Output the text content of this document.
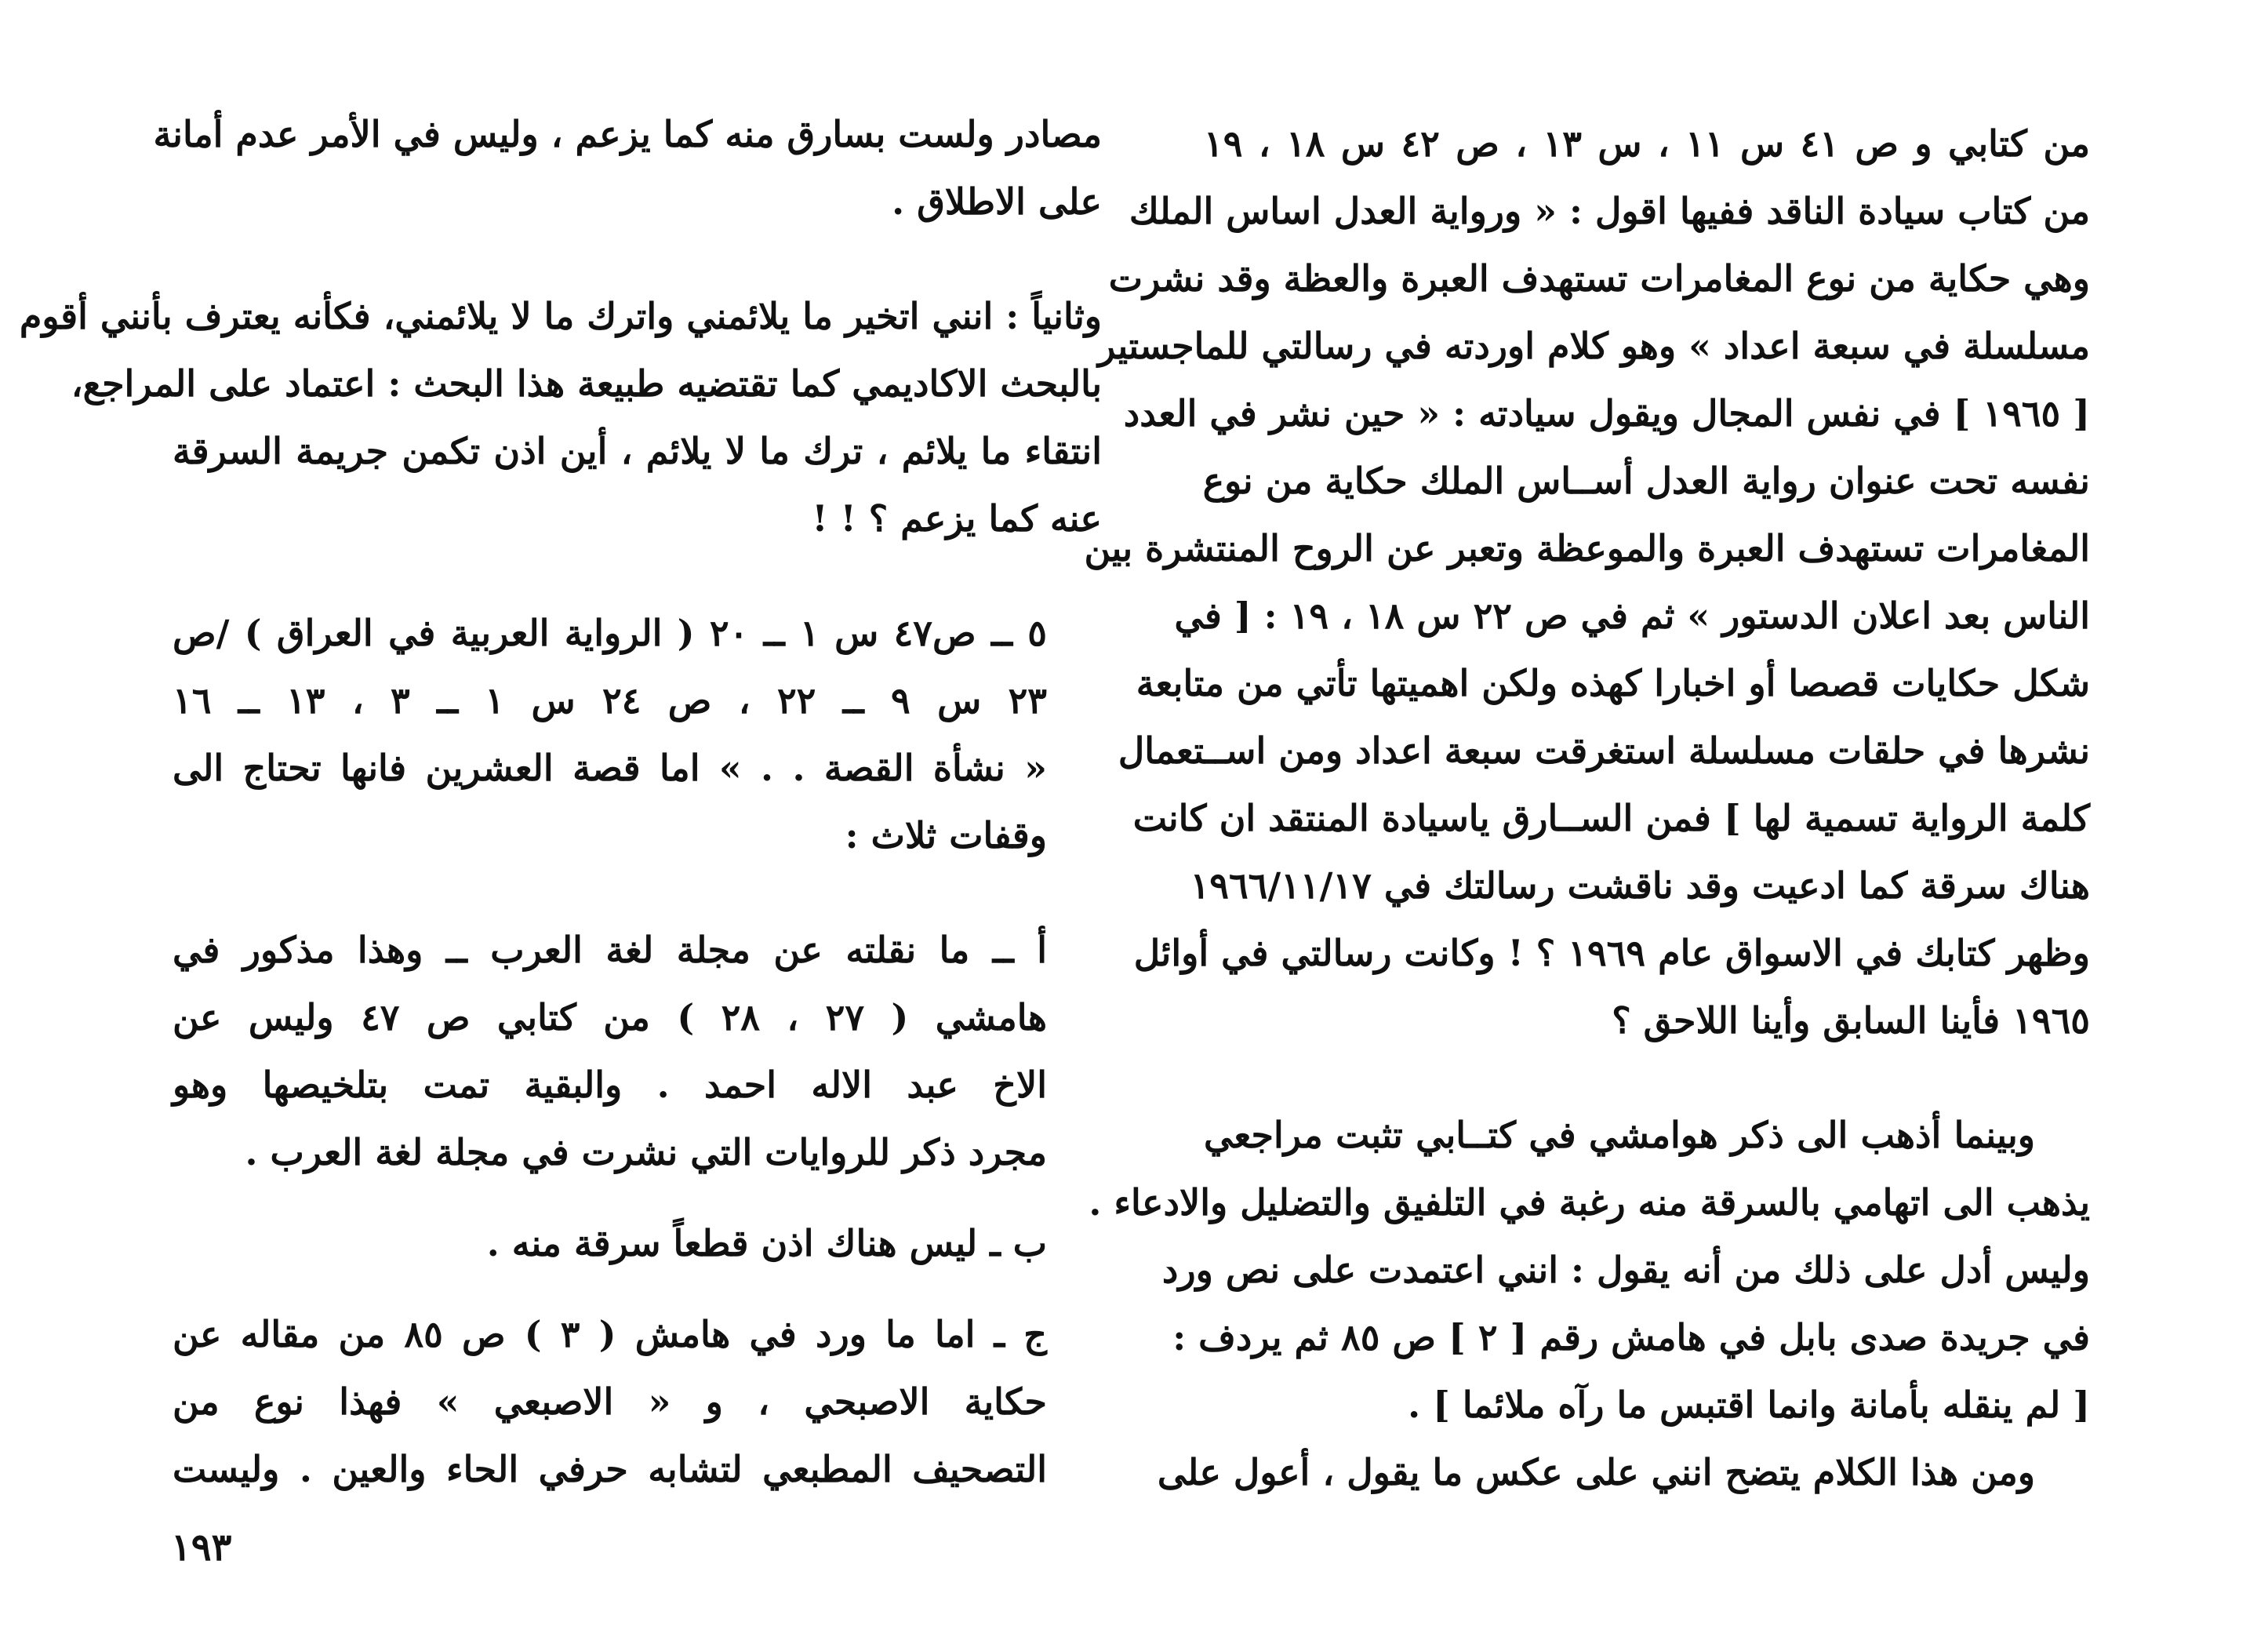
مصادر ولست بسارق منه كما يزعم ، وليس في الأمر عدم أمانة
على الاطلاق .
وثانياً : انني اتخير ما يلائمني واترك ما لا يلائمني، فكأنه يعترف بأنني أقوم
بالبحث الاكاديمي كما تقتضيه طبيعة هذا البحث : اعتماد على المراجع،
انتقاء ما يلائم ، ترك ما لا يلائم ، أين اذن تكمن جريمة السرقة
عنه كما يزعم ؟ ! !
٥ ــ ص٤٧ س ١ ــ ٢٠ ( الرواية العربية في العراق ) /ص
٢٣ س ٩ ــ ٢٢ ، ص ٢٤ س ١ ــ ٣ ، ١٣ ــ ١٦
« نشأة القصة . . » اما قصة العشرين فانها تحتاج الى
وقفات ثلاث :
أ ــ ما نقلته عن مجلة لغة العرب ــ وهذا مذكور في
هامشي ( ٢٧ ، ٢٨ ) من كتابي ص ٤٧ وليس عن
الاخ عبد الاله احمد . والبقية تمت بتلخيصها وهو
مجرد ذكر للروايات التي نشرت في مجلة لغة العرب .
ب ـ ليس هناك اذن قطعاً سرقة منه .
ج ـ اما ما ورد في هامش ( ٣ ) ص ٨٥ من مقاله عن
حكاية الاصبحي ، و « الاصبعي » فهذا نوع من
التصحيف المطبعي لتشابه حرفي الحاء والعين . وليست
من كتابي و ص ٤١ س ١١ ، س ١٣ ، ص ٤٢ س ١٨ ، ١٩
من كتاب سيادة الناقد ففيها اقول : « ورواية العدل اساس الملك
وهي حكاية من نوع المغامرات تستهدف العبرة والعظة وقد نشرت
مسلسلة في سبعة اعداد » وهو كلام اوردته في رسالتي للماجستير
[ ١٩٦٥ ] في نفس المجال ويقول سيادته : « حين نشر في العدد
نفسه تحت عنوان رواية العدل أســاس الملك حكاية من نوع
المغامرات تستهدف العبرة والموعظة وتعبر عن الروح المنتشرة بين
الناس بعد اعلان الدستور » ثم في ص ٢٢ س ١٨ ، ١٩ : [ في
شكل حكايات قصصا أو اخبارا كهذه ولكن اهميتها تأتي من متابعة
نشرها في حلقات مسلسلة استغرقت سبعة اعداد ومن اســتعمال
كلمة الرواية تسمية لها ] فمن الســارق ياسيادة المنتقد ان كانت
هناك سرقة كما ادعيت وقد ناقشت رسالتك في ١٩٦٦/١١/١٧
وظهر كتابك في الاسواق عام ١٩٦٩ ؟ ! وكانت رسالتي في أوائل
١٩٦٥ فأينا السابق وأينا اللاحق ؟
وبينما أذهب الى ذكر هوامشي في كتــابي تثبت مراجعي
يذهب الى اتهامي بالسرقة منه رغبة في التلفيق والتضليل والادعاء .
وليس أدل على ذلك من أنه يقول : انني اعتمدت على نص ورد
في جريدة صدى بابل في هامش رقم [ ٢ ] ص ٨٥ ثم يردف :
[ لم ينقله بأمانة وانما اقتبس ما رآه ملائما ] .
ومن هذا الكلام يتضح انني على عكس ما يقول ، أعول على
١٩٣
